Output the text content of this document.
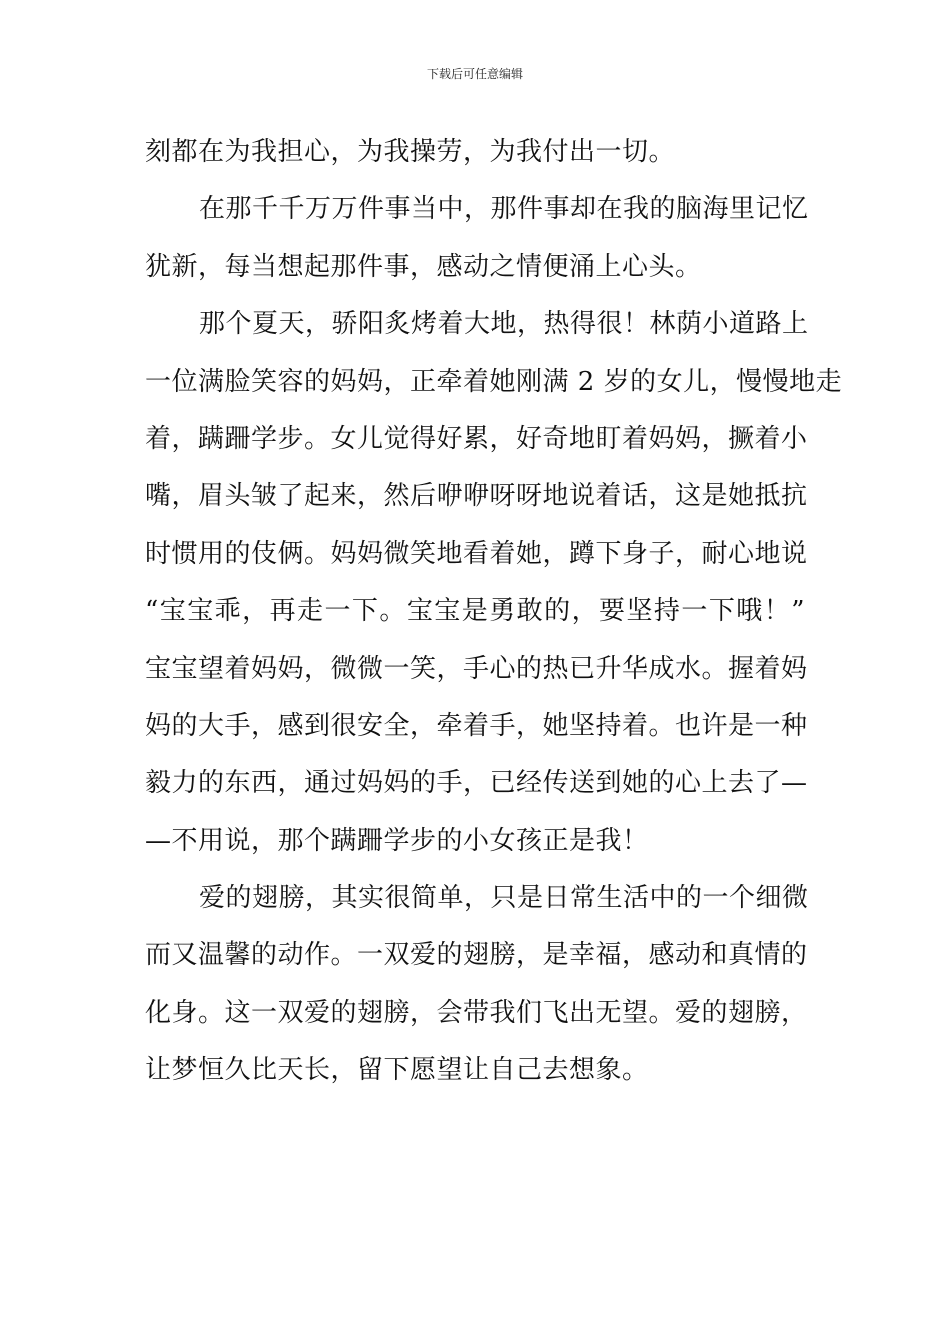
下载后可任意编辑
刻都在为我担心，为我操劳，为我付出一切。
在那千千万万件事当中，那件事却在我的脑海里记忆
犹新，每当想起那件事，感动之情便涌上心头。
那个夏天，骄阳炙烤着大地，热得很！林荫小道路上
一位满脸笑容的妈妈，正牵着她刚满 2 岁的女儿，慢慢地走
着，蹒跚学步。女儿觉得好累，好奇地盯着妈妈，撅着小
嘴，眉头皱了起来，然后咿咿呀呀地说着话，这是她抵抗
时惯用的伎俩。妈妈微笑地看着她，蹲下身子，耐心地说
“宝宝乖，再走一下。宝宝是勇敢的，要坚持一下哦！”
宝宝望着妈妈，微微一笑，手心的热已升华成水。握着妈
妈的大手，感到很安全，牵着手，她坚持着。也许是一种
毅力的东西，通过妈妈的手，已经传送到她的心上去了—
—不用说，那个蹒跚学步的小女孩正是我！
爱的翅膀，其实很简单，只是日常生活中的一个细微
而又温馨的动作。一双爱的翅膀，是幸福，感动和真情的
化身。这一双爱的翅膀，会带我们飞出无望。爱的翅膀，
让梦恒久比天长，留下愿望让自己去想象。
